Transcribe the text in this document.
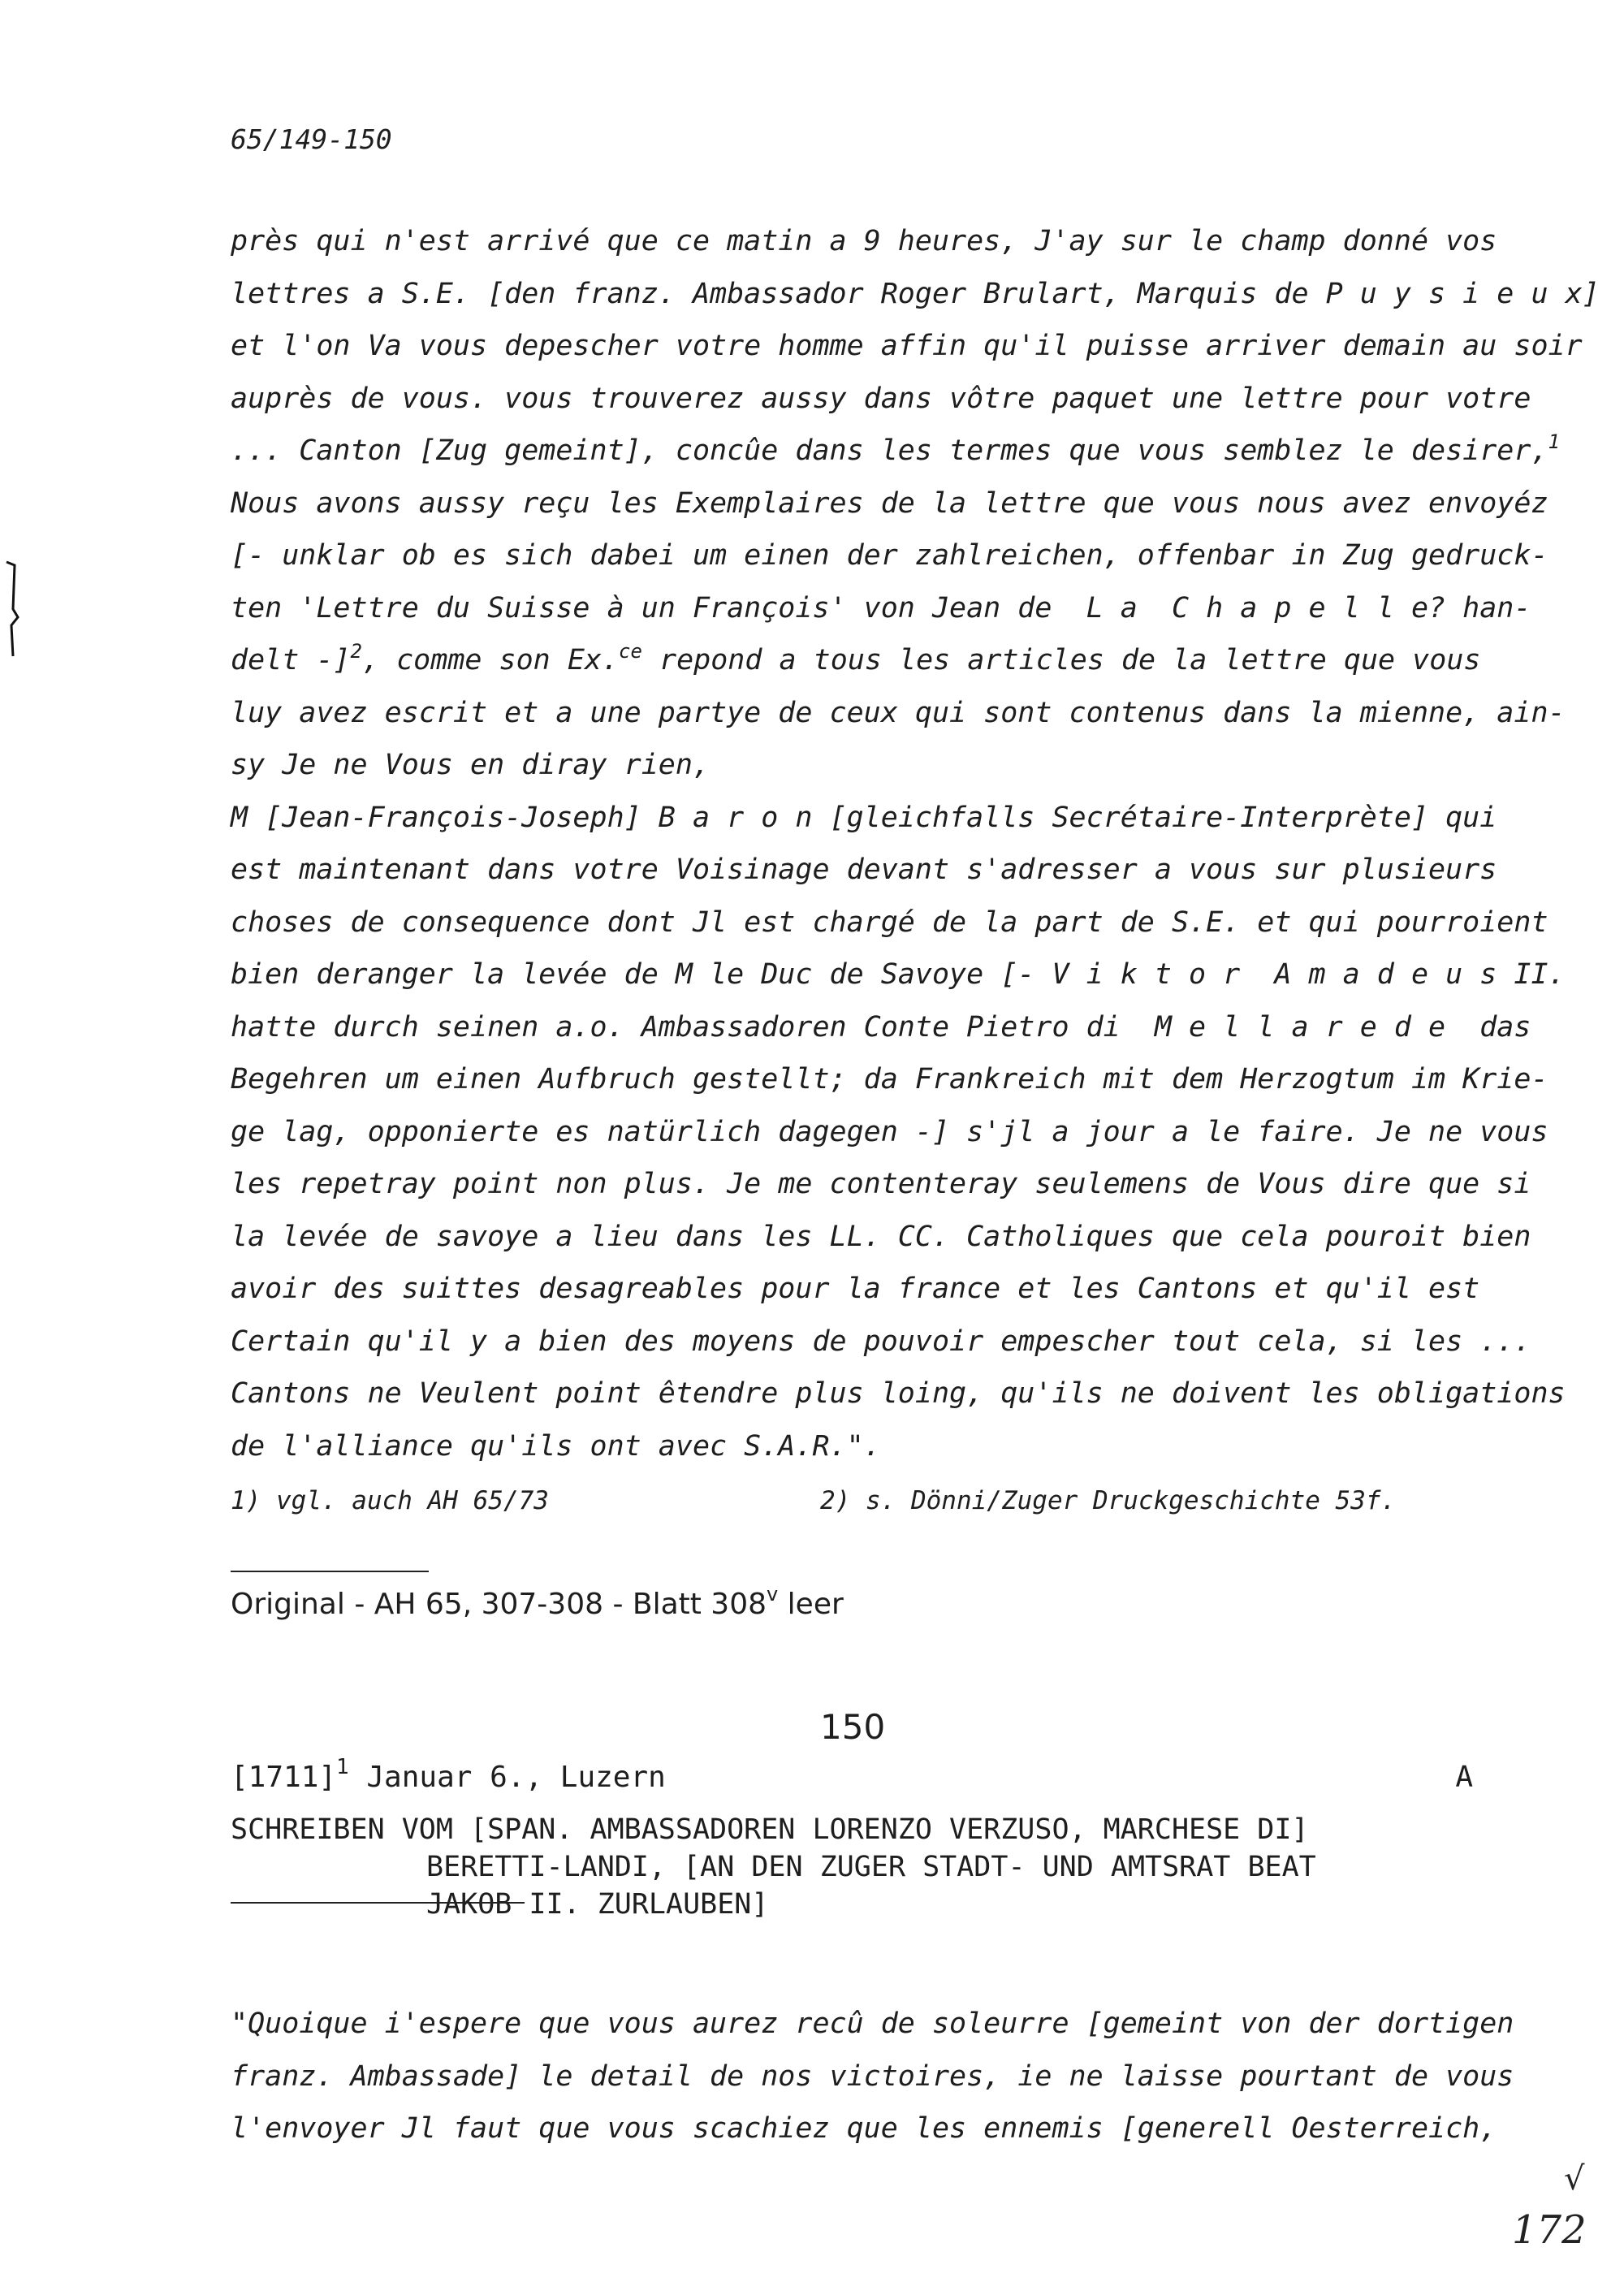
65/149-150
près qui n'est arrivé que ce matin a 9 heures, J'ay sur le champ donné vos
lettres a S.E. [den franz. Ambassador Roger Brulart, Marquis de P u y s i e u x]
et l'on Va vous depescher votre homme affin qu'il puisse arriver demain au soir
auprès de vous. vous trouverez aussy dans vôtre paquet une lettre pour votre
... Canton [Zug gemeint], concûe dans les termes que vous semblez le desirer,$^1$
Nous avons aussy reçu les Exemplaires de la lettre que vous nous avez envoyéz
[- unklar ob es sich dabei um einen der zahlreichen, offenbar in Zug gedruck-
ten 'Lettre du Suisse à un François' von Jean de  L a  C h a p e l l e? han-
delt -]$^2$, comme son Ex.$^{ce}$ repond a tous les articles de la lettre que vous
luy avez escrit et a une partye de ceux qui sont contenus dans la mienne, ain-
sy Je ne Vous en diray rien,
M [Jean-François-Joseph] B a r o n [gleichfalls Secrétaire-Interprète] qui
est maintenant dans votre Voisinage devant s'adresser a vous sur plusieurs
choses de consequence dont Jl est chargé de la part de S.E. et qui pourroient
bien deranger la levée de M le Duc de Savoye [- V i k t o r  A m a d e u s II.
hatte durch seinen a.o. Ambassadoren Conte Pietro di  M e l l a r e d e  das
Begehren um einen Aufbruch gestellt; da Frankreich mit dem Herzogtum im Krie-
ge lag, opponierte es natürlich dagegen -] s'jl a jour a le faire. Je ne vous
les repetray point non plus. Je me contenteray seulemens de Vous dire que si
la levée de savoye a lieu dans les LL. CC. Catholiques que cela pouroit bien
avoir des suittes desagreables pour la france et les Cantons et qu'il est
Certain qu'il y a bien des moyens de pouvoir empescher tout cela, si les ...
Cantons ne Veulent point êtendre plus loing, qu'ils ne doivent les obligations
de l'alliance qu'ils ont avec S.A.R.".
1) vgl. auch AH 65/73	2) s. Dönni/Zuger Druckgeschichte 53f.
Original - AH 65, 307-308 - Blatt 308$^v$ leer
150
$[1711]^1$ Januar 6., Luzern	A
SCHREIBEN VOM [SPAN. AMBASSADOREN LORENZO VERZUSO, MARCHESE DI]
BERETTI-LANDI, [AN DEN ZUGER STADT- UND AMTSRAT BEAT
JAKOB II. ZURLAUBEN]
"Quoique i'espere que vous aurez recû de soleurre [gemeint von der dortigen
franz. Ambassade] le detail de nos victoires, ie ne laisse pourtant de vous
l'envoyer Jl faut que vous scachiez que les ennemis [generell Oesterreich,
√
172
